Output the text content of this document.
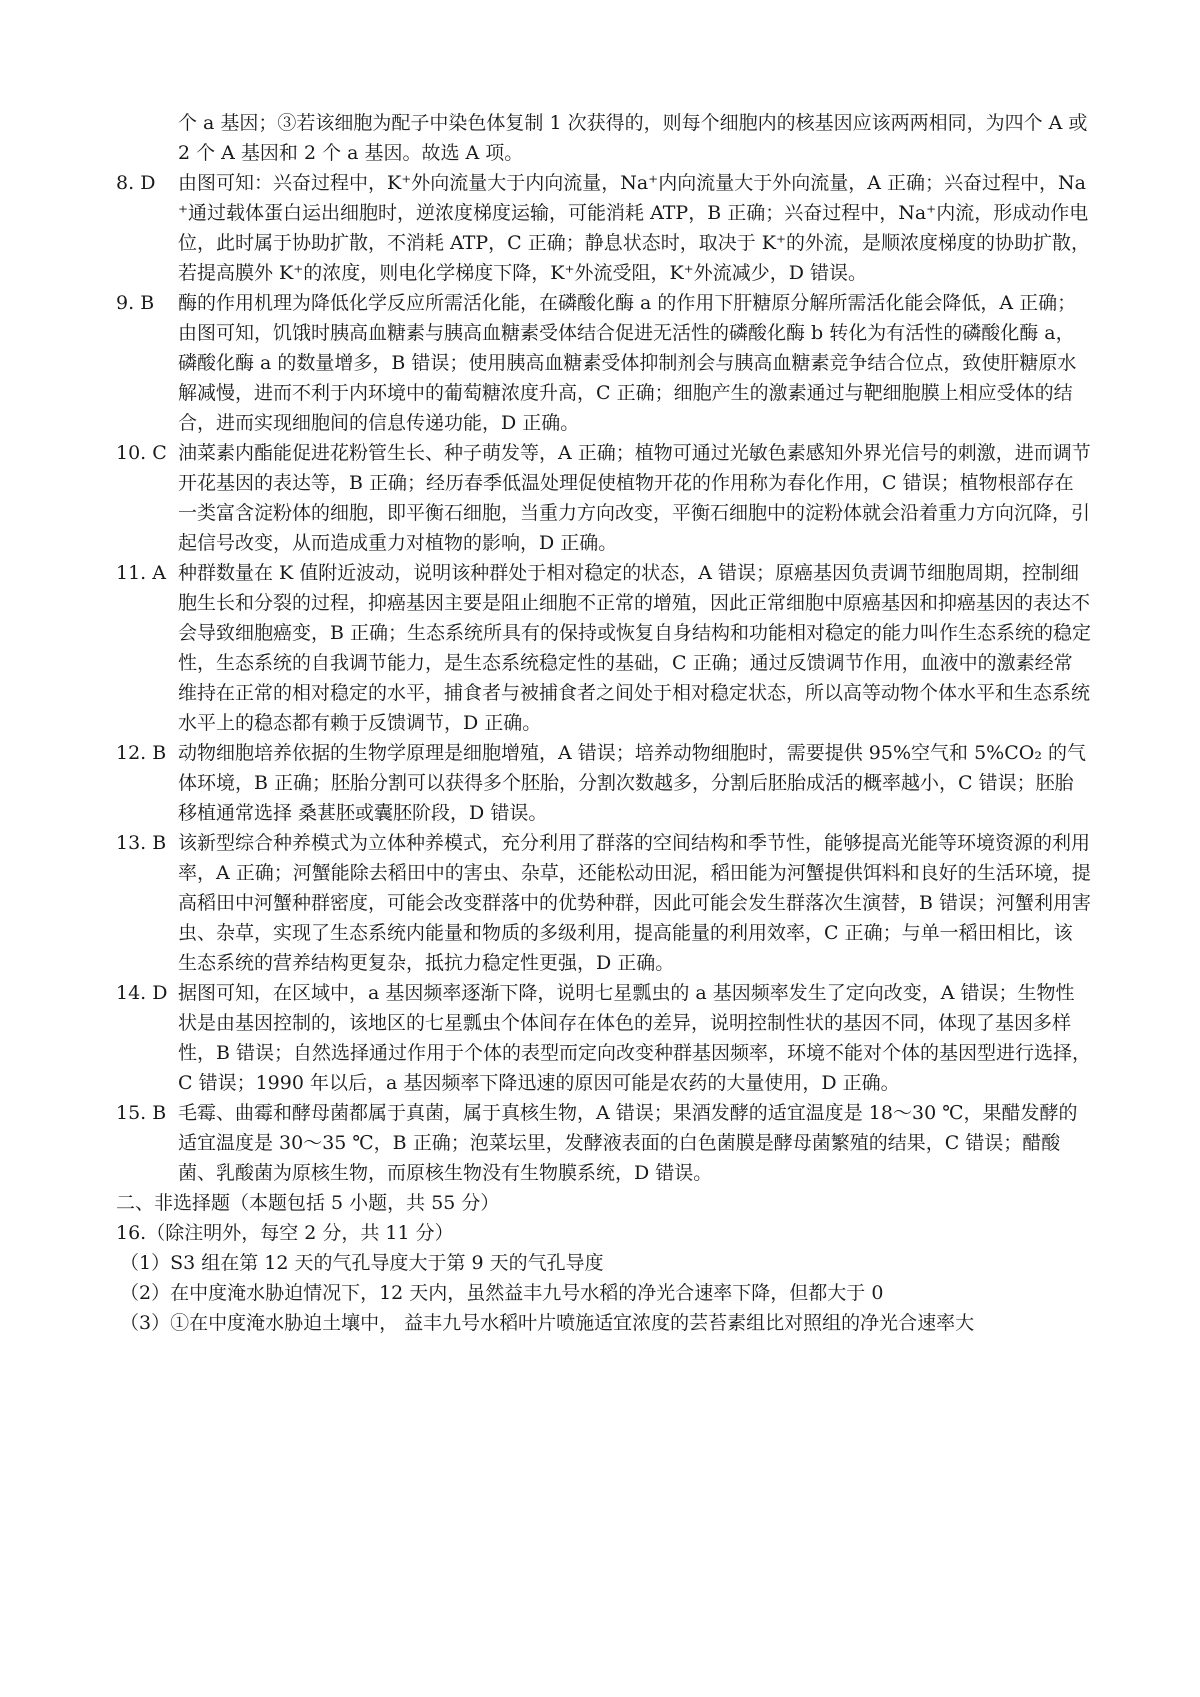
个 a 基因；③若该细胞为配子中染色体复制 1 次获得的，则每个细胞内的核基因应该两两相同，为四个 A 或 2 个 A 基因和 2 个 a 基因。故选 A 项。
8. D	由图可知：兴奋过程中，K⁺外向流量大于内向流量，Na⁺内向流量大于外向流量，A 正确；兴奋过程中，Na⁺通过载体蛋白运出细胞时，逆浓度梯度运输，可能消耗 ATP，B 正确；兴奋过程中，Na⁺内流，形成动作电位，此时属于协助扩散，不消耗 ATP，C 正确；静息状态时，取决于 K⁺的外流，是顺浓度梯度的协助扩散，若提高膜外 K⁺的浓度，则电化学梯度下降，K⁺外流受阻，K⁺外流减少，D 错误。
9. B	酶的作用机理为降低化学反应所需活化能，在磷酸化酶 a 的作用下肝糖原分解所需活化能会降低，A 正确；由图可知，饥饿时胰高血糖素与胰高血糖素受体结合促进无活性的磷酸化酶 b 转化为有活性的磷酸化酶 a，磷酸化酶 a 的数量增多，B 错误；使用胰高血糖素受体抑制剂会与胰高血糖素竞争结合位点，致使肝糖原水解减慢，进而不利于内环境中的葡萄糖浓度升高，C 正确；细胞产生的激素通过与靶细胞膜上相应受体的结合，进而实现细胞间的信息传递功能，D 正确。
10. C 油菜素内酯能促进花粉管生长、种子萌发等，A 正确；植物可通过光敏色素感知外界光信号的刺激，进而调节开花基因的表达等，B 正确；经历春季低温处理促使植物开花的作用称为春化作用，C 错误；植物根部存在一类富含淀粉体的细胞，即平衡石细胞，当重力方向改变，平衡石细胞中的淀粉体就会沿着重力方向沉降，引起信号改变，从而造成重力对植物的影响，D 正确。
11. A 种群数量在 K 值附近波动，说明该种群处于相对稳定的状态，A 错误；原癌基因负责调节细胞周期，控制细胞生长和分裂的过程，抑癌基因主要是阻止细胞不正常的增殖，因此正常细胞中原癌基因和抑癌基因的表达不会导致细胞癌变，B 正确；生态系统所具有的保持或恢复自身结构和功能相对稳定的能力叫作生态系统的稳定性，生态系统的自我调节能力，是生态系统稳定性的基础，C 正确；通过反馈调节作用，血液中的激素经常维持在正常的相对稳定的水平，捕食者与被捕食者之间处于相对稳定状态，所以高等动物个体水平和生态系统水平上的稳态都有赖于反馈调节，D 正确。
12. B 动物细胞培养依据的生物学原理是细胞增殖，A 错误；培养动物细胞时，需要提供 95%空气和 5%CO₂ 的气体环境，B 正确；胚胎分割可以获得多个胚胎，分割次数越多，分割后胚胎成活的概率越小，C 错误；胚胎移植通常选择 桑葚胚或囊胚阶段，D 错误。
13. B 该新型综合种养模式为立体种养模式，充分利用了群落的空间结构和季节性，能够提高光能等环境资源的利用率，A 正确；河蟹能除去稻田中的害虫、杂草，还能松动田泥，稻田能为河蟹提供饵料和良好的生活环境，提高稻田中河蟹种群密度，可能会改变群落中的优势种群，因此可能会发生群落次生演替，B 错误；河蟹利用害虫、杂草，实现了生态系统内能量和物质的多级利用，提高能量的利用效率，C 正确；与单一稻田相比，该生态系统的营养结构更复杂，抵抗力稳定性更强，D 正确。
14. D 据图可知，在区域中，a 基因频率逐渐下降，说明七星瓢虫的 a 基因频率发生了定向改变，A 错误；生物性状是由基因控制的，该地区的七星瓢虫个体间存在体色的差异，说明控制性状的基因不同，体现了基因多样性，B 错误；自然选择通过作用于个体的表型而定向改变种群基因频率，环境不能对个体的基因型进行选择，C 错误；1990 年以后，a 基因频率下降迅速的原因可能是农药的大量使用，D 正确。
15. B 毛霉、曲霉和酵母菌都属于真菌，属于真核生物，A 错误；果酒发酵的适宜温度是 18～30 ℃，果醋发酵的适宜温度是 30～35 ℃，B 正确；泡菜坛里，发酵液表面的白色菌膜是酵母菌繁殖的结果，C 错误；醋酸菌、乳酸菌为原核生物，而原核生物没有生物膜系统，D 错误。
二、非选择题（本题包括 5 小题，共 55 分）
16.（除注明外，每空 2 分，共 11 分）
（1）S3 组在第 12 天的气孔导度大于第 9 天的气孔导度
（2）在中度淹水胁迫情况下，12 天内，虽然益丰九号水稻的净光合速率下降，但都大于 0
（3）①在中度淹水胁迫土壤中， 益丰九号水稻叶片喷施适宜浓度的芸苔素组比对照组的净光合速率大
